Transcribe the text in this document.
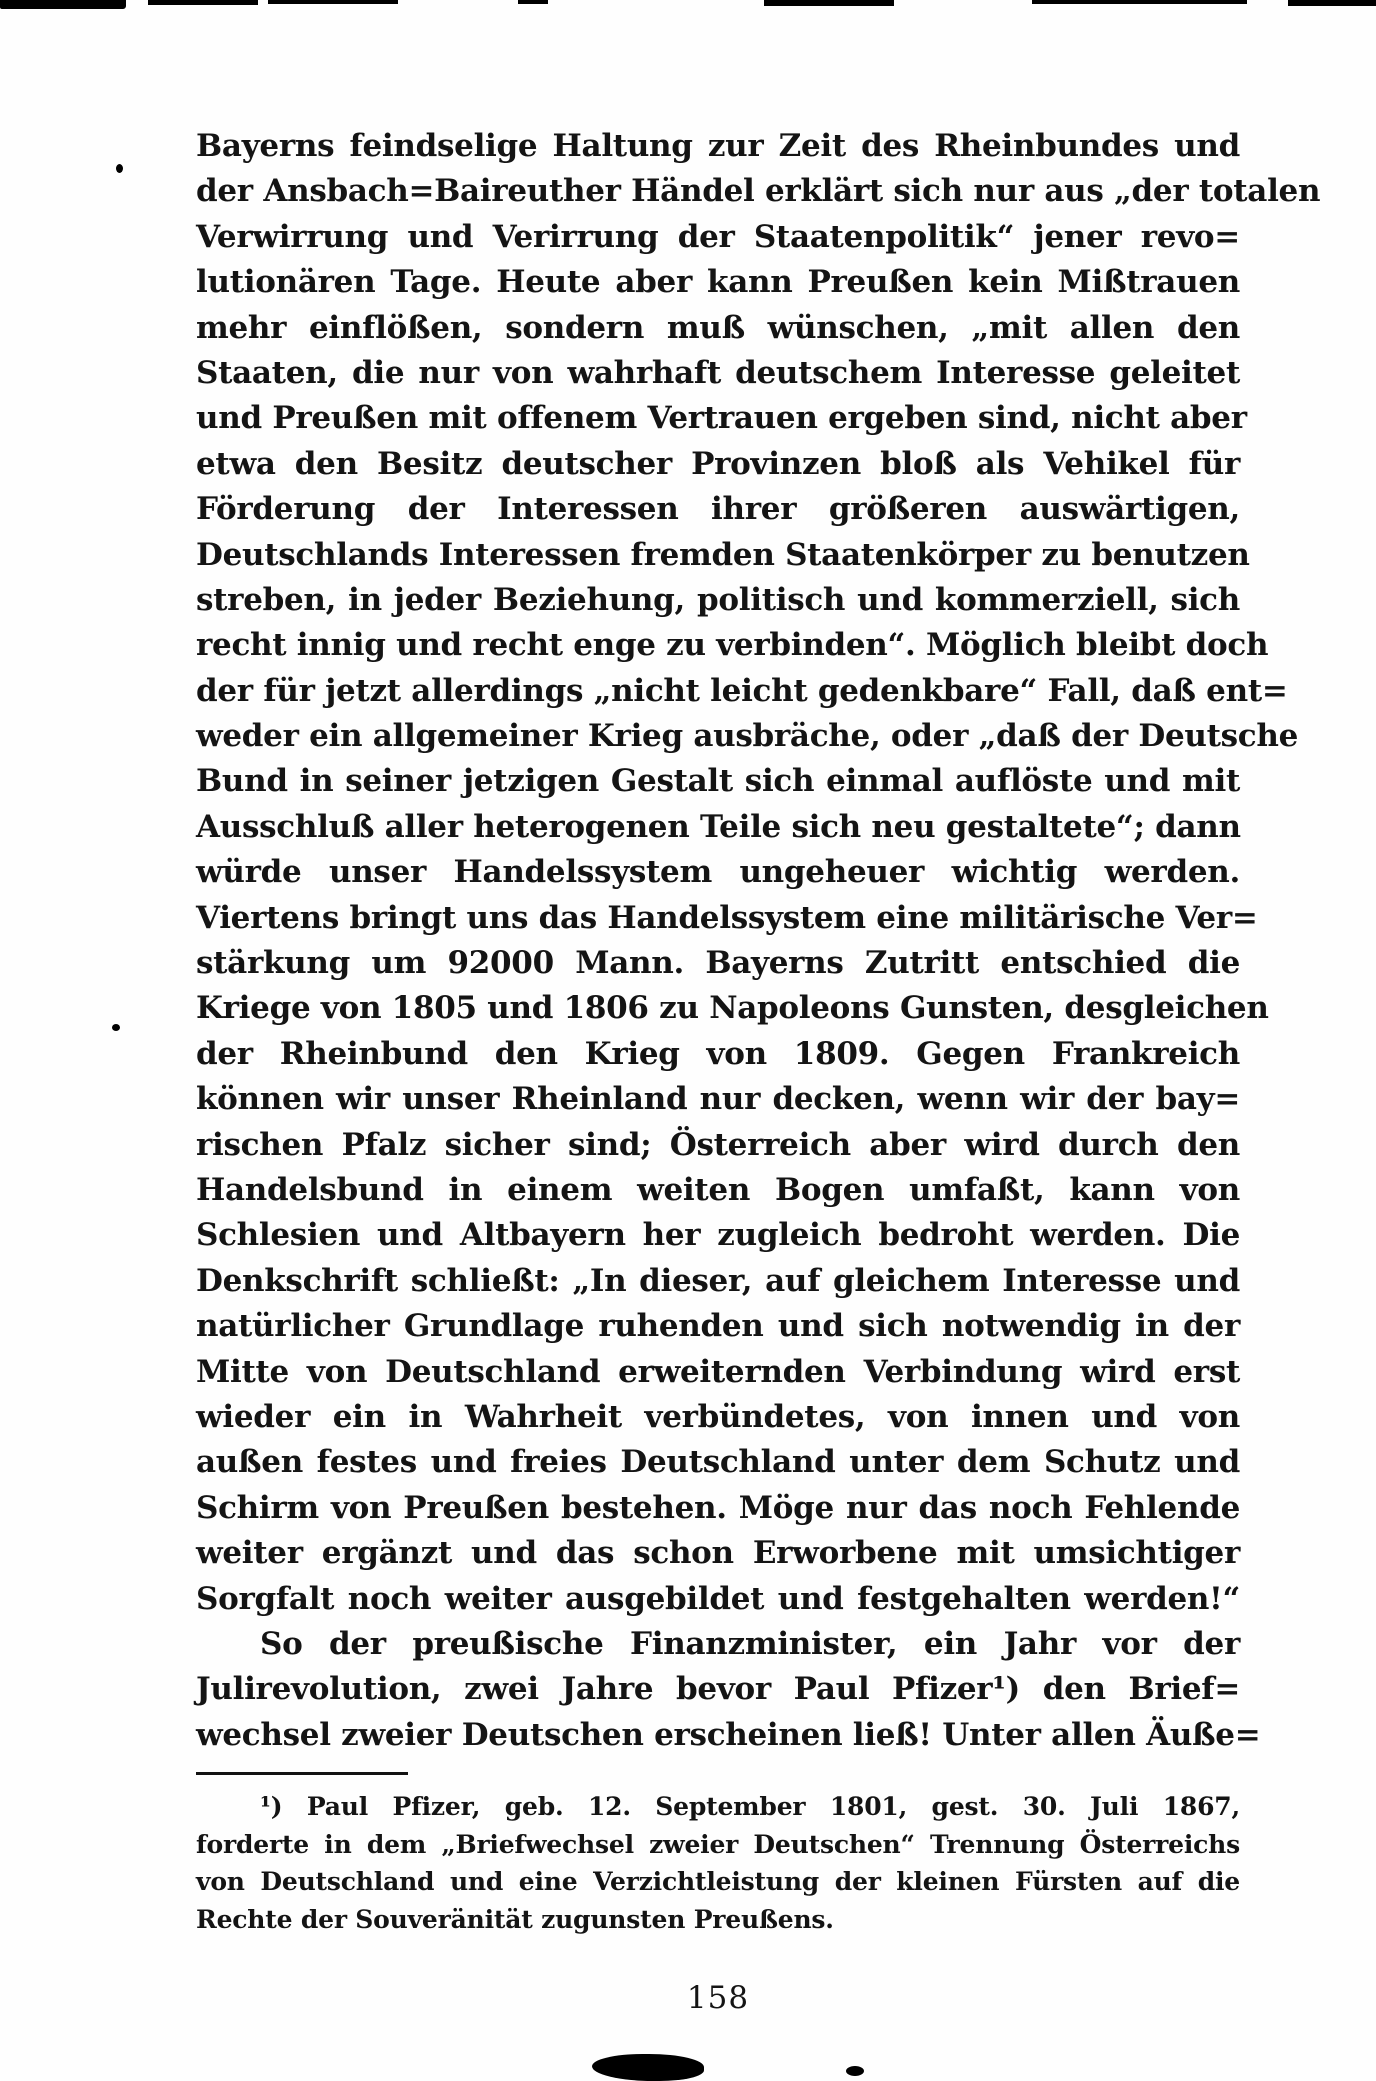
Bayerns feindselige Haltung zur Zeit des Rheinbundes und
der Ansbach=Baireuther Händel erklärt sich nur aus „der totalen
Verwirrung und Verirrung der Staatenpolitik“ jener revo=
lutionären Tage. Heute aber kann Preußen kein Mißtrauen
mehr einflößen, sondern muß wünschen, „mit allen den
Staaten, die nur von wahrhaft deutschem Interesse geleitet
und Preußen mit offenem Vertrauen ergeben sind, nicht aber
etwa den Besitz deutscher Provinzen bloß als Vehikel für
Förderung der Interessen ihrer größeren auswärtigen,
Deutschlands Interessen fremden Staatenkörper zu benutzen
streben, in jeder Beziehung, politisch und kommerziell, sich
recht innig und recht enge zu verbinden“. Möglich bleibt doch
der für jetzt allerdings „nicht leicht gedenkbare“ Fall, daß ent=
weder ein allgemeiner Krieg ausbräche, oder „daß der Deutsche
Bund in seiner jetzigen Gestalt sich einmal auflöste und mit
Ausschluß aller heterogenen Teile sich neu gestaltete“; dann
würde unser Handelssystem ungeheuer wichtig werden.
Viertens bringt uns das Handelssystem eine militärische Ver=
stärkung um 92000 Mann. Bayerns Zutritt entschied die
Kriege von 1805 und 1806 zu Napoleons Gunsten, desgleichen
der Rheinbund den Krieg von 1809. Gegen Frankreich
können wir unser Rheinland nur decken, wenn wir der bay=
rischen Pfalz sicher sind; Österreich aber wird durch den
Handelsbund in einem weiten Bogen umfaßt, kann von
Schlesien und Altbayern her zugleich bedroht werden. Die
Denkschrift schließt: „In dieser, auf gleichem Interesse und
natürlicher Grundlage ruhenden und sich notwendig in der
Mitte von Deutschland erweiternden Verbindung wird erst
wieder ein in Wahrheit verbündetes, von innen und von
außen festes und freies Deutschland unter dem Schutz und
Schirm von Preußen bestehen. Möge nur das noch Fehlende
weiter ergänzt und das schon Erworbene mit umsichtiger
Sorgfalt noch weiter ausgebildet und festgehalten werden!“
So der preußische Finanzminister, ein Jahr vor der
Julirevolution, zwei Jahre bevor Paul Pfizer¹) den Brief=
wechsel zweier Deutschen erscheinen ließ! Unter allen Äuße=
¹) Paul Pfizer, geb. 12. September 1801, gest. 30. Juli 1867,
forderte in dem „Briefwechsel zweier Deutschen“ Trennung Österreichs
von Deutschland und eine Verzichtleistung der kleinen Fürsten auf die
Rechte der Souveränität zugunsten Preußens.
158
